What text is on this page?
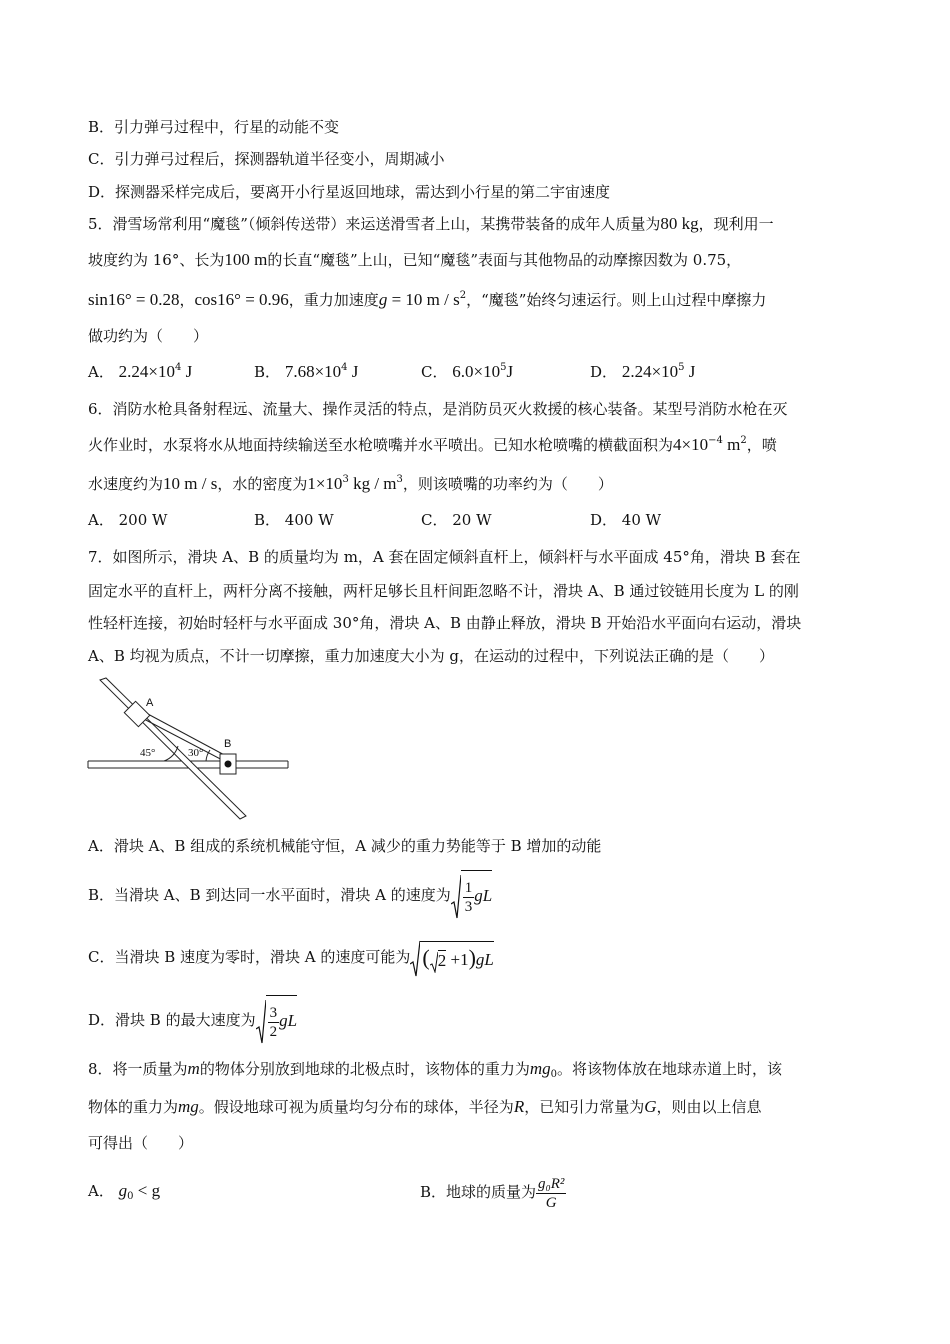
B．引力弹弓过程中，行星的动能不变
C．引力弹弓过程后，探测器轨道半径变小，周期减小
D．探测器采样完成后，要离开小行星返回地球，需达到小行星的第二宇宙速度
5．滑雪场常利用“魔毯”（倾斜传送带）来运送滑雪者上山，某携带装备的成年人质量为80 kg，现利用一
坡度约为 16°、长为100 m的长直“魔毯”上山，已知“魔毯”表面与其他物品的动摩擦因数为 0.75，
sin16° = 0.28，cos16° = 0.96，重力加速度g = 10 m / $s^2$，“魔毯”始终匀速运行。则上山过程中摩擦力
做功约为（　　）
A． $2.24\times 10^4$ J	B． $7.68\times 10^4$ J	C． $6.0\times 10^5J$	D． $2.24\times 10^5$ J
6．消防水枪具备射程远、流量大、操作灵活的特点，是消防员灭火救援的核心装备。某型号消防水枪在灭
火作业时，水泵将水从地面持续输送至水枪喷嘴并水平喷出。已知水枪喷嘴的横截面积为$4\times 10^{-4}$ $m^2$，喷
水速度约为10 m / s，水的密度为$1\times 10^3$ kg / $m^3$，则该喷嘴的功率约为（　　）
A． 200 W	B． 400 W	C． 20 W	D． 40 W
7．如图所示，滑块 A、B 的质量均为 m，A 套在固定倾斜直杆上，倾斜杆与水平面成 45°角，滑块 B 套在
固定水平的直杆上，两杆分离不接触，两杆足够长且杆间距忽略不计，滑块 A、B 通过铰链用长度为 L 的刚
性轻杆连接，初始时轻杆与水平面成 30°角，滑块 A、B 由静止释放，滑块 B 开始沿水平面向右运动，滑块
A、B 均视为质点，不计一切摩擦，重力加速度大小为 g，在运动的过程中，下列说法正确的是（　　）
A
B
45°	30°
A．滑块 A、B 组成的系统机械能守恒，A 减少的重力势能等于 B 增加的动能
B．当滑块 A、B 到达同一水平面时，滑块 A 的速度为 $\frac{1}{3}$ gL
C．当滑块 B 速度为零时，滑块 A 的速度可能为 ( 2 +1)gL
D．滑块 B 的最大速度为 $\frac{3}{2}$ gL
8．将一质量为m的物体分别放到地球的北极点时，该物体的重力为$mg_0$。将该物体放在地球赤道上时，该
物体的重力为mg。假设地球可视为质量均匀分布的球体，半径为R，已知引力常量为G，则由以上信息
可得出（　　）
A． $g_0 < g$	B．地球的质量为 $\frac{\text{g₀R²}}{G}$
